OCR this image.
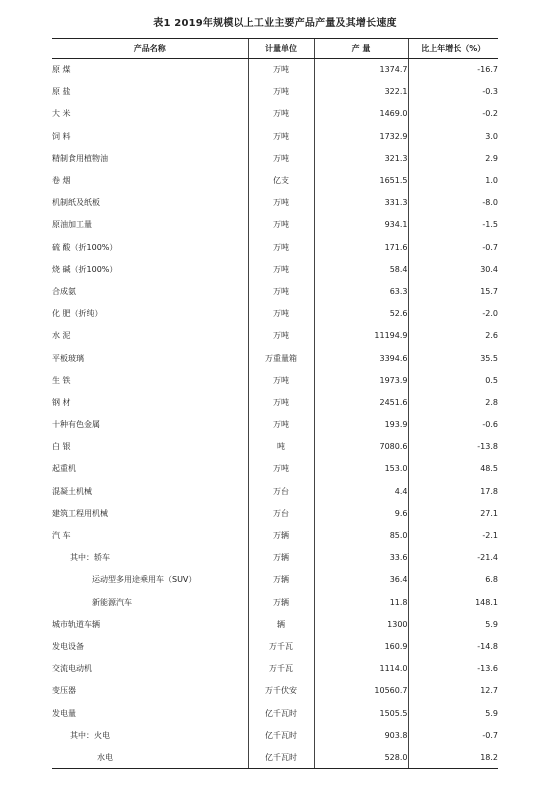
表1 2019年规模以上工业主要产品产量及其增长速度
产品名称	计量单位	产 量	比上年增长（%）
原 煤	万吨	1374.7	-16.7
原 盐	万吨	322.1	-0.3
大 米	万吨	1469.0	-0.2
饲 料	万吨	1732.9	3.0
精制食用植物油	万吨	321.3	2.9
卷 烟	亿支	1651.5	1.0
机制纸及纸板	万吨	331.3	-8.0
原油加工量	万吨	934.1	-1.5
硫 酸（折100%）	万吨	171.6	-0.7
烧 碱（折100%）	万吨	58.4	30.4
合成氨	万吨	63.3	15.7
化 肥（折纯）	万吨	52.6	-2.0
水 泥	万吨	11194.9	2.6
平板玻璃	万重量箱	3394.6	35.5
生 铁	万吨	1973.9	0.5
钢 材	万吨	2451.6	2.8
十种有色金属	万吨	193.9	-0.6
白 银	吨	7080.6	-13.8
起重机	万吨	153.0	48.5
混凝土机械	万台	4.4	17.8
建筑工程用机械	万台	9.6	27.1
汽 车	万辆	85.0	-2.1
其中：轿车	万辆	33.6	-21.4
运动型多用途乘用车（SUV）	万辆	36.4	6.8
新能源汽车	万辆	11.8	148.1
城市轨道车辆	辆	1300	5.9
发电设备	万千瓦	160.9	-14.8
交流电动机	万千瓦	1114.0	-13.6
变压器	万千伏安	10560.7	12.7
发电量	亿千瓦时	1505.5	5.9
其中：火电	亿千瓦时	903.8	-0.7
水电	亿千瓦时	528.0	18.2
